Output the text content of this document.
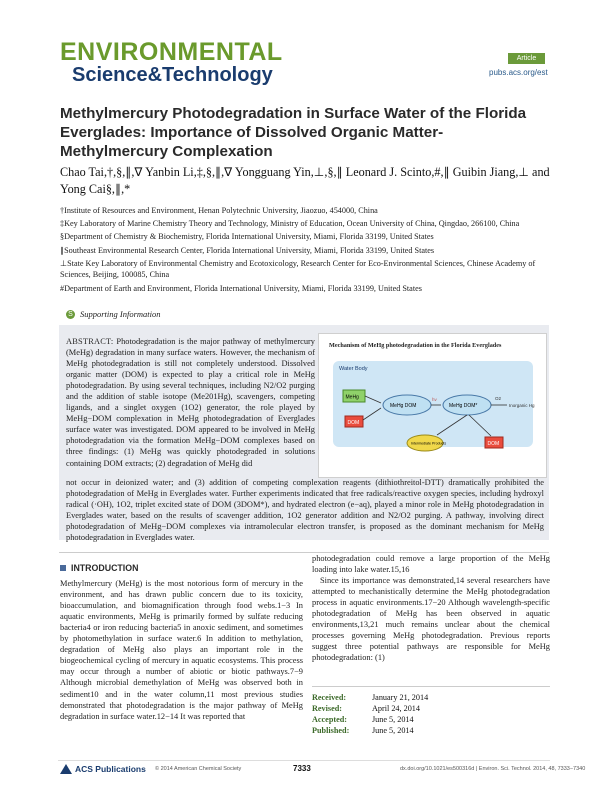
ENVIRONMENTAL
Science&Technology
Article
pubs.acs.org/est
Methylmercury Photodegradation in Surface Water of the Florida Everglades: Importance of Dissolved Organic Matter-Methylmercury Complexation
Chao Tai,†,§,∥,∇ Yanbin Li,‡,§,∥,∇ Yongguang Yin,⊥,§,∥ Leonard J. Scinto,#,∥ Guibin Jiang,⊥ and Yong Cai§,∥,*

†Institute of Resources and Environment, Henan Polytechnic University, Jiaozuo, 454000, China

‡Key Laboratory of Marine Chemistry Theory and Technology, Ministry of Education, Ocean University of China, Qingdao, 266100, China

§Department of Chemistry & Biochemistry, Florida International University, Miami, Florida 33199, United States

∥Southeast Environmental Research Center, Florida International University, Miami, Florida 33199, United States

⊥State Key Laboratory of Environmental Chemistry and Ecotoxicology, Research Center for Eco-Environmental Sciences, Chinese Academy of Sciences, Beijing, 100085, China

#Department of Earth and Environment, Florida International University, Miami, Florida 33199, United States

S Supporting Information
ABSTRACT: Photodegradation is the major pathway of methylmercury (MeHg) degradation in many surface waters. However, the mechanism of MeHg photodegradation is still not completely understood. Dissolved organic matter (DOM) is expected to play a critical role in MeHg photodegradation. By using several techniques, including N2/O2 purging and the addition of stable isotope (Me201Hg), scavengers, competing ligands, and a singlet oxygen (1O2) generator, the role played by MeHg−DOM complexation in MeHg photodegradation of Everglades surface water was investigated. DOM appeared to be involved in MeHg photodegradation via the formation MeHg−DOM complexes based on three findings: (1) MeHg was quickly photodegraded in solutions containing DOM extracts; (2) degradation of MeHg did
not occur in deionized water; and (3) addition of competing complexation reagents (dithiothreitol-DTT) dramatically prohibited the photodegradation of MeHg in Everglades water. Further experiments indicated that free radicals/reactive oxygen species, including hydroxyl radical (·OH), 1O2, triplet excited state of DOM (3DOM*), and hydrated electron (e−aq), played a minor role in MeHg photodegradation in Everglades water, based on the results of scavenger addition, 1O2 generator addition and N2/O2 purging. A pathway, involving direct photodegradation of MeHg−DOM complexes via intramolecular electron transfer, is proposed as the dominant mechanism for MeHg photodegradation in Everglades water.
Mechanism of MeHg photodegradation in the Florida Everglades
Water Body
MeHg
DOM
MeHg DOM	MeHg DOM*
hv	O2
Inorganic Hg
Intermediate Products	DOM
INTRODUCTION

Methylmercury (MeHg) is the most notorious form of mercury in the environment, and has drawn public concern due to its toxicity, bioaccumulation, and biomagnification through food webs.1−3 In aquatic environments, MeHg is primarily formed by sulfate reducing bacteria4 or iron reducing bacteria5 in anoxic sediment, and sometimes by photomethylation in surface water.6 In addition to methylation, degradation of MeHg also plays an important role in the biogeochemical cycling of mercury in aquatic ecosystems. This process may occur through a number of abiotic or biotic pathways.7−9 Although microbial demethylation of MeHg was observed both in sediment10 and in the water column,11 most previous studies demonstrated that photodegradation is the major pathway of MeHg degradation in surface water.12−14 It was reported that

photodegradation could remove a large proportion of the MeHg loading into lake water.15,16

Since its importance was demonstrated,14 several researchers have attempted to mechanistically determine the MeHg photodegradation process in aquatic environments.17−20 Although wavelength-specific photodegradation of MeHg has been observed in aquatic environments,13,21 much remains unclear about the chemical processes governing MeHg photodegradation. Previous reports suggest three potential pathways are responsible for MeHg photodegradation: (1)

Received:	January 21, 2014
Revised:	April 24, 2014
Accepted:	June 5, 2014
Published:	June 5, 2014
ACS Publications © 2014 American Chemical Society	7333	dx.doi.org/10.1021/es500316d | Environ. Sci. Technol. 2014, 48, 7333−7340
